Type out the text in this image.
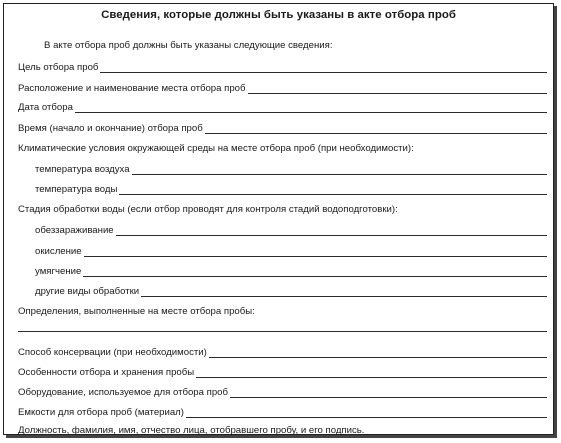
Сведения, которые должны быть указаны в акте отбора проб
В акте отбора проб должны быть указаны следующие сведения:
Цель отбора проб
Расположение и наименование места отбора проб
Дата отбора
Время (начало и окончание) отбора проб
Климатические условия окружающей среды на месте отбора проб (при необходимости):
температура воздуха
температура воды
Стадия обработки воды (если отбор проводят для контроля стадий водоподготовки):
обеззараживание
окисление
умягчение
другие виды обработки
Определения, выполненные на месте отбора пробы:
Способ консервации (при необходимости)
Особенности отбора и хранения пробы
Оборудование, используемое для отбора проб
Емкости для отбора проб (материал)
Должность, фамилия, имя, отчество лица, отобравшего пробу, и его подпись.
